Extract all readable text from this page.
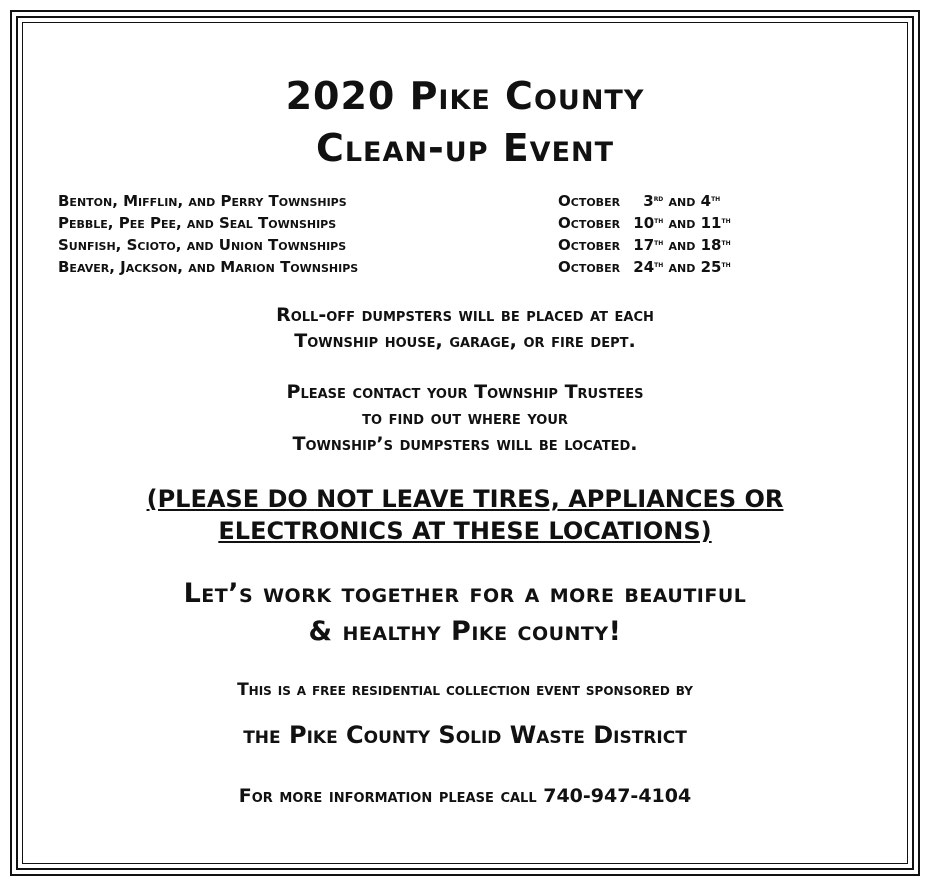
2020 Pike County
Clean-up Event
Benton, Mifflin, and Perry Townships	October 3rd and 4th
Pebble, Pee Pee, and Seal Townships	October 10th and 11th
Sunfish, Scioto, and Union Townships	October 17th and 18th
Beaver, Jackson, and Marion Townships	October 24th and 25th
Roll-off dumpsters will be placed at each
Township house, garage, or fire dept.
Please contact your Township Trustees
to find out where your
Township’s dumpsters will be located.
(PLEASE DO NOT LEAVE TIRES, APPLIANCES OR
ELECTRONICS AT THESE LOCATIONS)
Let’s work together for a more beautiful
& healthy Pike county!
This is a free residential collection event sponsored by
the Pike County Solid Waste District
For more information please call 740-947-4104
